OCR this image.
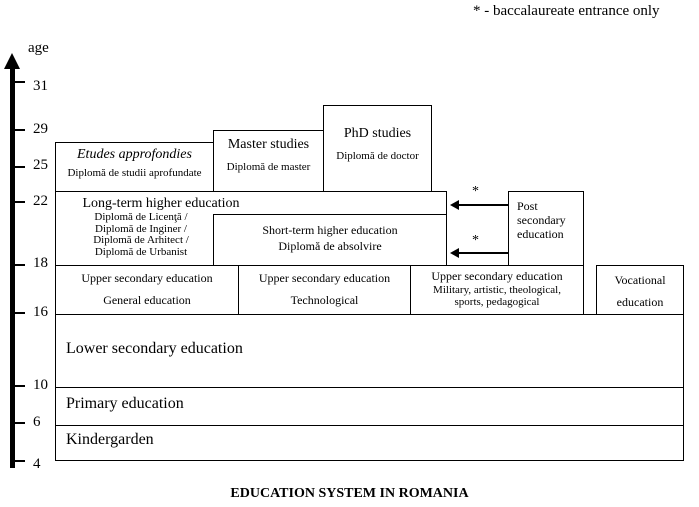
* - baccalaureate entrance only
age
31
29
25
22
18
16
10
6
4
PhD studies
Diplomă de doctor
Master studies
Diplomă de master
Etudes approfondies
Diplomă de studii aprofundate
Long-term higher education
Diplomă de Licenţă /
Diplomă de Inginer /
Diplomă de Arhitect /
Diplomă de Urbanist
Short-term higher education
Diplomă de absolvire
Post
secondary
education
*
*
Upper secondary education
General education
Upper secondary education
Technological
Upper secondary education
Military, artistic, theological,
sports, pedagogical
Vocational
education
Lower secondary education
Primary education
Kindergarden
EDUCATION SYSTEM IN ROMANIA
